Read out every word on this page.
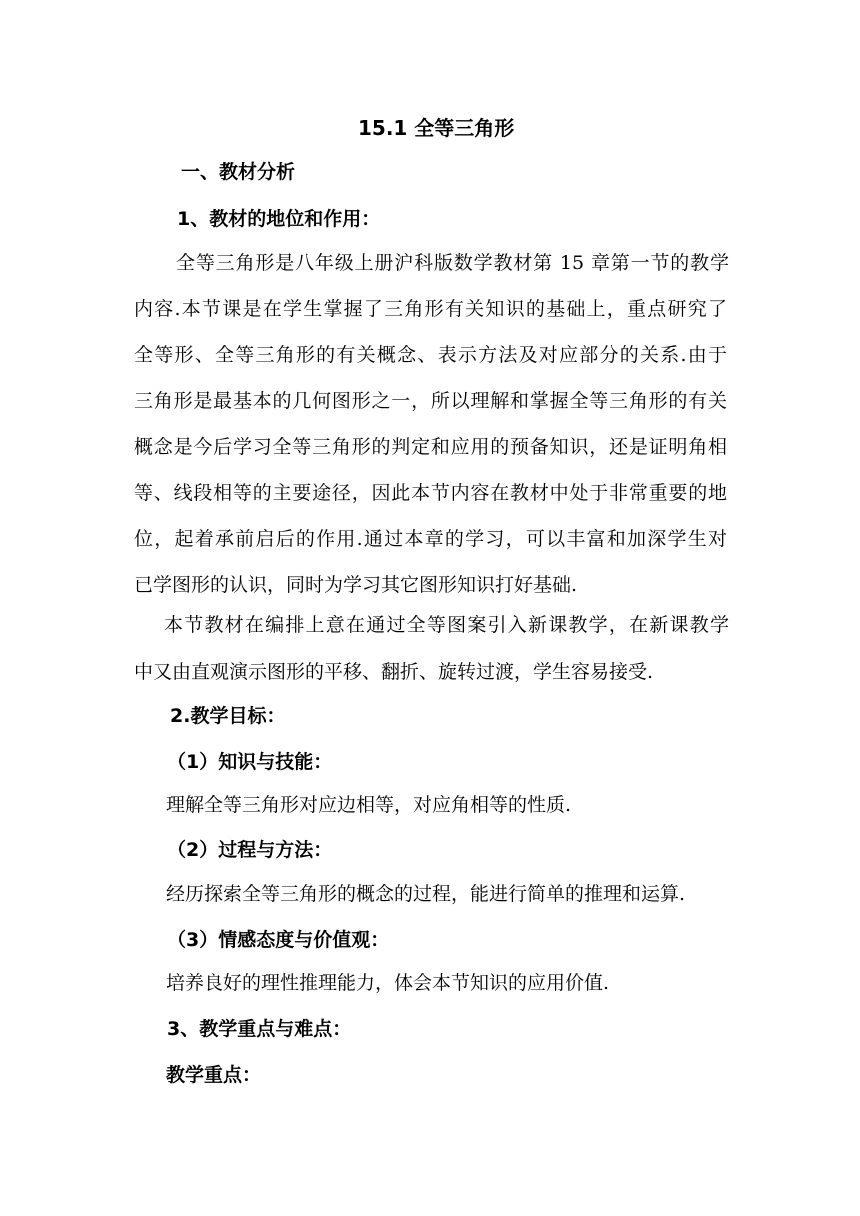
15.1 全等三角形
一、教材分析
1、教材的地位和作用：
全等三角形是八年级上册沪科版数学教材第 15 章第一节的教学
内容.本节课是在学生掌握了三角形有关知识的基础上，重点研究了
全等形、全等三角形的有关概念、表示方法及对应部分的关系.由于
三角形是最基本的几何图形之一，所以理解和掌握全等三角形的有关
概念是今后学习全等三角形的判定和应用的预备知识，还是证明角相
等、线段相等的主要途径，因此本节内容在教材中处于非常重要的地
位，起着承前启后的作用.通过本章的学习，可以丰富和加深学生对
已学图形的认识，同时为学习其它图形知识打好基础.
本节教材在编排上意在通过全等图案引入新课教学，在新课教学
中又由直观演示图形的平移、翻折、旋转过渡，学生容易接受.
2.教学目标：
（1）知识与技能：
理解全等三角形对应边相等，对应角相等的性质.
（2）过程与方法：
经历探索全等三角形的概念的过程，能进行简单的推理和运算.
（3）情感态度与价值观：
培养良好的理性推理能力，体会本节知识的应用价值.
3、教学重点与难点：
教学重点：
